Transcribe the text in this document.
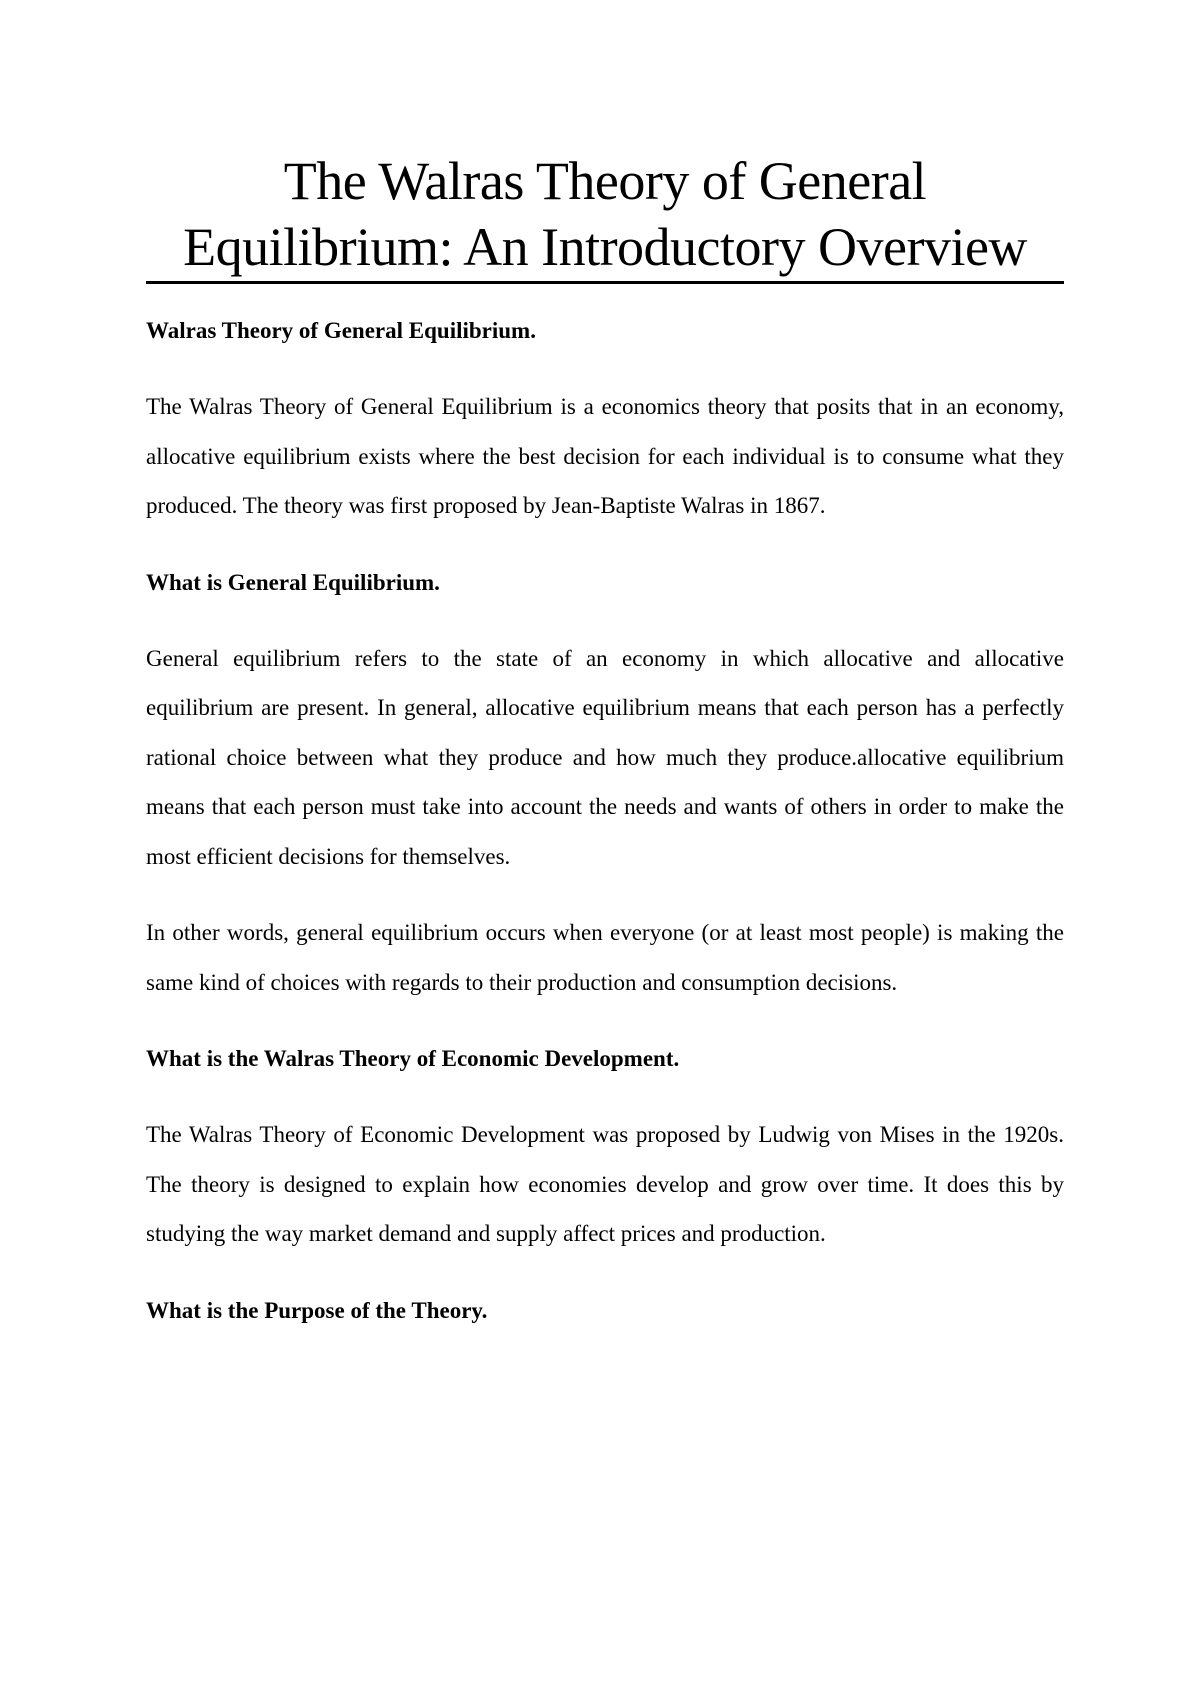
The Walras Theory of General
Equilibrium: An Introductory Overview
Walras Theory of General Equilibrium.

The Walras Theory of General Equilibrium is a economics theory that posits that in an economy, allocative equilibrium exists where the best decision for each individual is to consume what they produced. The theory was first proposed by Jean-Baptiste Walras in 1867.

What is General Equilibrium.

General equilibrium refers to the state of an economy in which allocative and allocative equilibrium are present. In general, allocative equilibrium means that each person has a perfectly rational choice between what they produce and how much they produce.allocative equilibrium means that each person must take into account the needs and wants of others in order to make the most efficient decisions for themselves.

In other words, general equilibrium occurs when everyone (or at least most people) is making the same kind of choices with regards to their production and consumption decisions.

What is the Walras Theory of Economic Development.

The Walras Theory of Economic Development was proposed by Ludwig von Mises in the 1920s. The theory is designed to explain how economies develop and grow over time. It does this by studying the way market demand and supply affect prices and production.

What is the Purpose of the Theory.
